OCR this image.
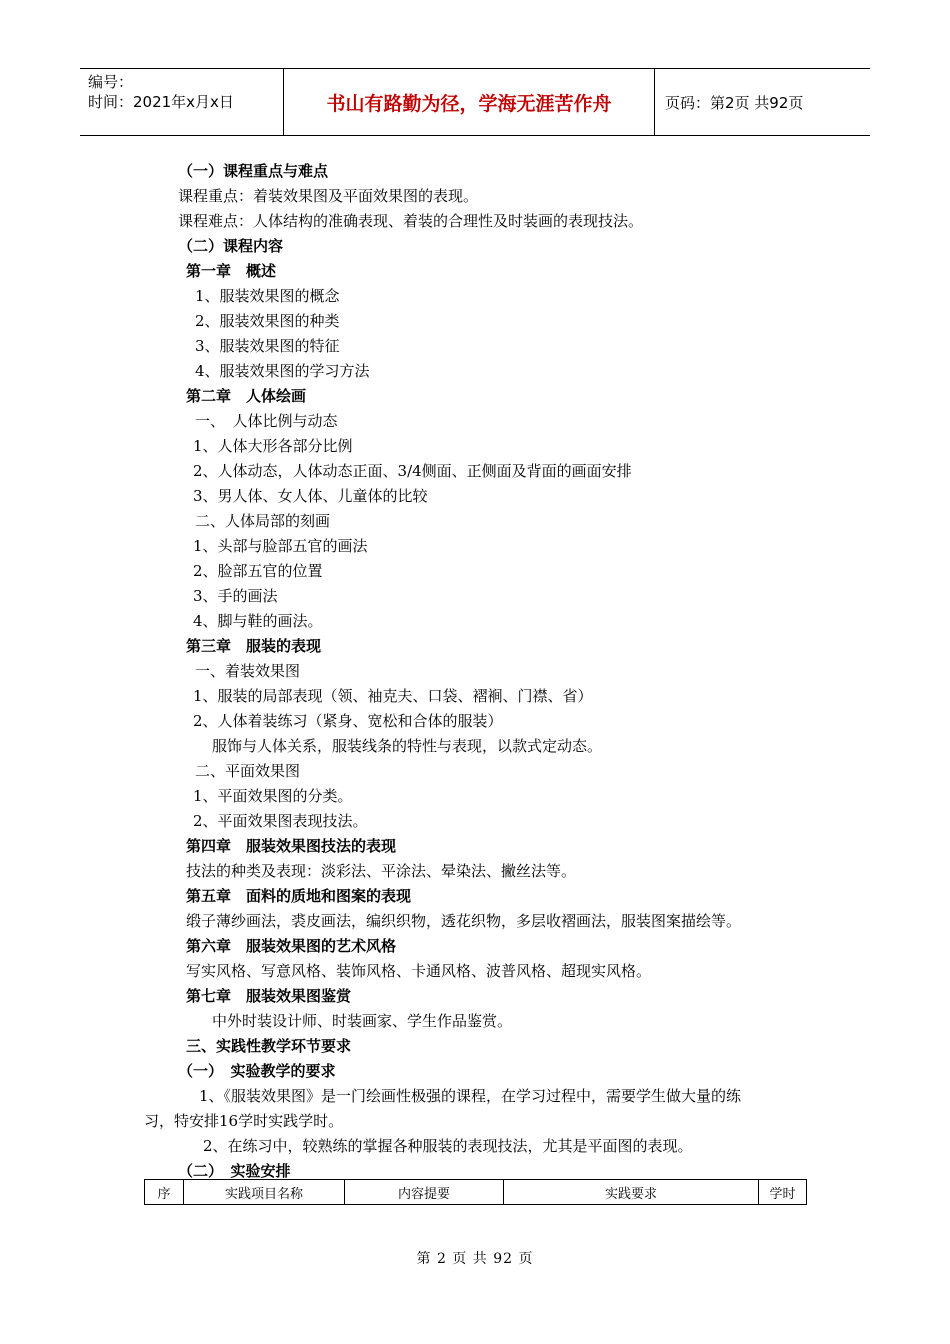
编号：
时间：2021年x月x日	书山有路勤为径，学海无涯苦作舟	页码：第2页 共92页
（一）课程重点与难点
课程重点：着装效果图及平面效果图的表现。
课程难点：人体结构的准确表现、着装的合理性及时装画的表现技法。
（二）课程内容
第一章　概述
1、服装效果图的概念
2、服装效果图的种类
3、服装效果图的特征
4、服装效果图的学习方法
第二章　人体绘画
一、　人体比例与动态
1、人体大形各部分比例
2、人体动态，人体动态正面、3/4侧面、正侧面及背面的画面安排
3、男人体、女人体、儿童体的比较
二、人体局部的刻画
1、头部与脸部五官的画法
2、脸部五官的位置
3、手的画法
4、脚与鞋的画法。
第三章　服装的表现
一、着装效果图
1、服装的局部表现（领、袖克夫、口袋、褶裥、门襟、省）
2、人体着装练习（紧身、宽松和合体的服装）
服饰与人体关系，服装线条的特性与表现，以款式定动态。
二、平面效果图
1、平面效果图的分类。
2、平面效果图表现技法。
第四章　服装效果图技法的表现
技法的种类及表现：淡彩法、平涂法、晕染法、撇丝法等。
第五章　面料的质地和图案的表现
缎子薄纱画法，裘皮画法，编织织物，透花织物，多层收褶画法，服装图案描绘等。
第六章　服装效果图的艺术风格
写实风格、写意风格、装饰风格、卡通风格、波普风格、超现实风格。
第七章　服装效果图鉴赏
中外时装设计师、时装画家、学生作品鉴赏。
三、实践性教学环节要求
（一）　实验教学的要求
1、《服装效果图》是一门绘画性极强的课程，在学习过程中，需要学生做大量的练
习，特安排16学时实践学时。
2、在练习中，较熟练的掌握各种服装的表现技法，尤其是平面图的表现。
（二）　实验安排
序	实践项目名称	内容提要	实践要求	学时
第 2 页 共 92 页
